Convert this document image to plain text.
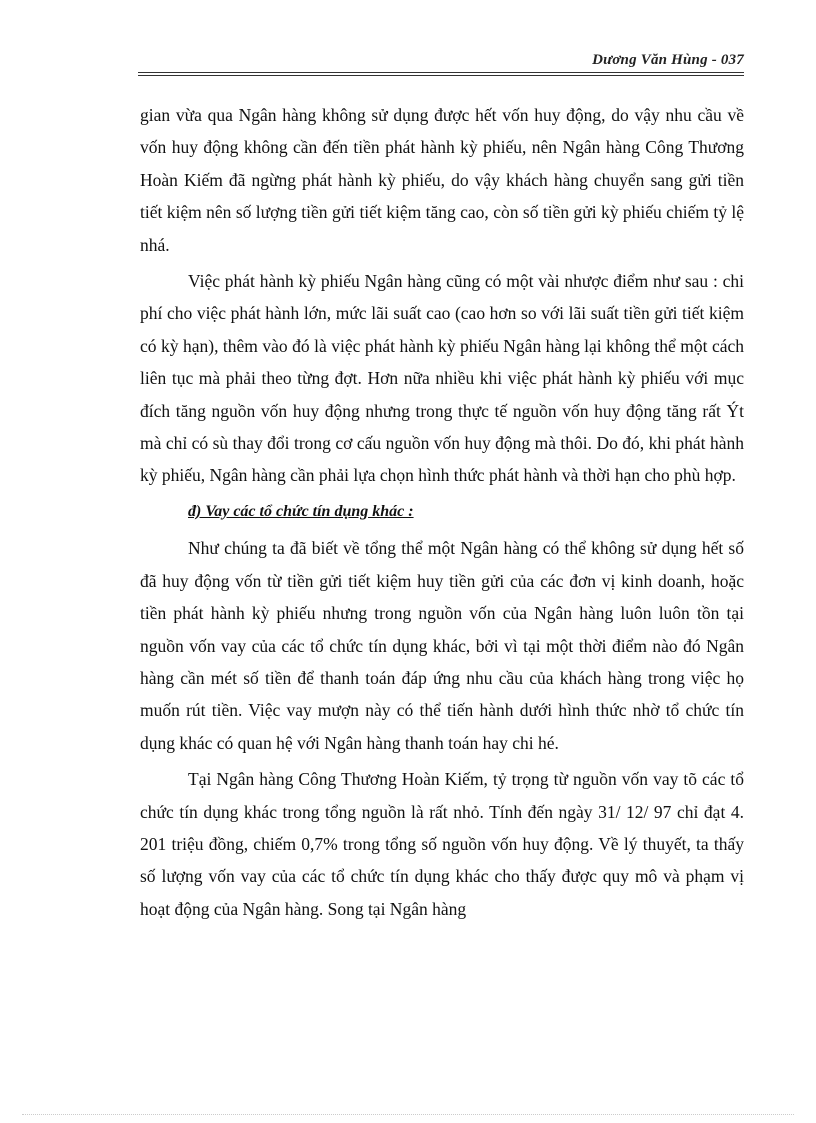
Dương Văn Hùng - 037

gian vừa qua Ngân hàng không sử dụng được hết vốn huy động, do vậy nhu cầu về vốn huy động không cần đến tiền phát hành kỳ phiếu, nên Ngân hàng Công Thương Hoàn Kiếm đã ngừng phát hành kỳ phiếu, do vậy khách hàng chuyển sang gửi tiền tiết kiệm nên số lượng tiền gửi tiết kiệm tăng cao, còn số tiền gửi kỳ phiếu chiếm tỷ lệ nhá.

Việc phát hành kỳ phiếu Ngân hàng cũng có một vài nhược điểm như sau : chi phí cho việc phát hành lớn, mức lãi suất cao (cao hơn so với lãi suất tiền gửi tiết kiệm có kỳ hạn), thêm vào đó là việc phát hành kỳ phiếu Ngân hàng lại không thể một cách liên tục mà phải theo từng đợt. Hơn nữa nhiều khi việc phát hành kỳ phiếu với mục đích tăng nguồn vốn huy động nhưng trong thực tế nguồn vốn huy động tăng rất Ýt mà chỉ có sù thay đổi trong cơ cấu nguồn vốn huy động mà thôi. Do đó, khi phát hành kỳ phiếu, Ngân hàng cần phải lựa chọn hình thức phát hành và thời hạn cho phù hợp.

đ) Vay các tổ chức tín dụng khác :

Như chúng ta đã biết về tổng thể một Ngân hàng có thể không sử dụng hết số đã huy động vốn từ tiền gửi tiết kiệm huy tiền gửi của các đơn vị kinh doanh, hoặc tiền phát hành kỳ phiếu nhưng trong nguồn vốn của Ngân hàng luôn luôn tồn tại nguồn vốn vay của các tổ chức tín dụng khác, bởi vì tại một thời điểm nào đó Ngân hàng cần mét số tiền để thanh toán đáp ứng nhu cầu của khách hàng trong việc họ muốn rút tiền. Việc vay mượn này có thể tiến hành dưới hình thức nhờ tổ chức tín dụng khác có quan hệ với Ngân hàng thanh toán hay chi hé.

Tại Ngân hàng Công Thương Hoàn Kiếm, tỷ trọng từ nguồn vốn vay tõ các tổ chức tín dụng khác trong tổng nguồn là rất nhỏ. Tính đến ngày 31/ 12/ 97 chỉ đạt 4. 201 triệu đồng, chiếm 0,7% trong tổng số nguồn vốn huy động. Về lý thuyết, ta thấy số lượng vốn vay của các tổ chức tín dụng khác cho thấy được quy mô và phạm vị hoạt động của Ngân hàng. Song tại Ngân hàng
